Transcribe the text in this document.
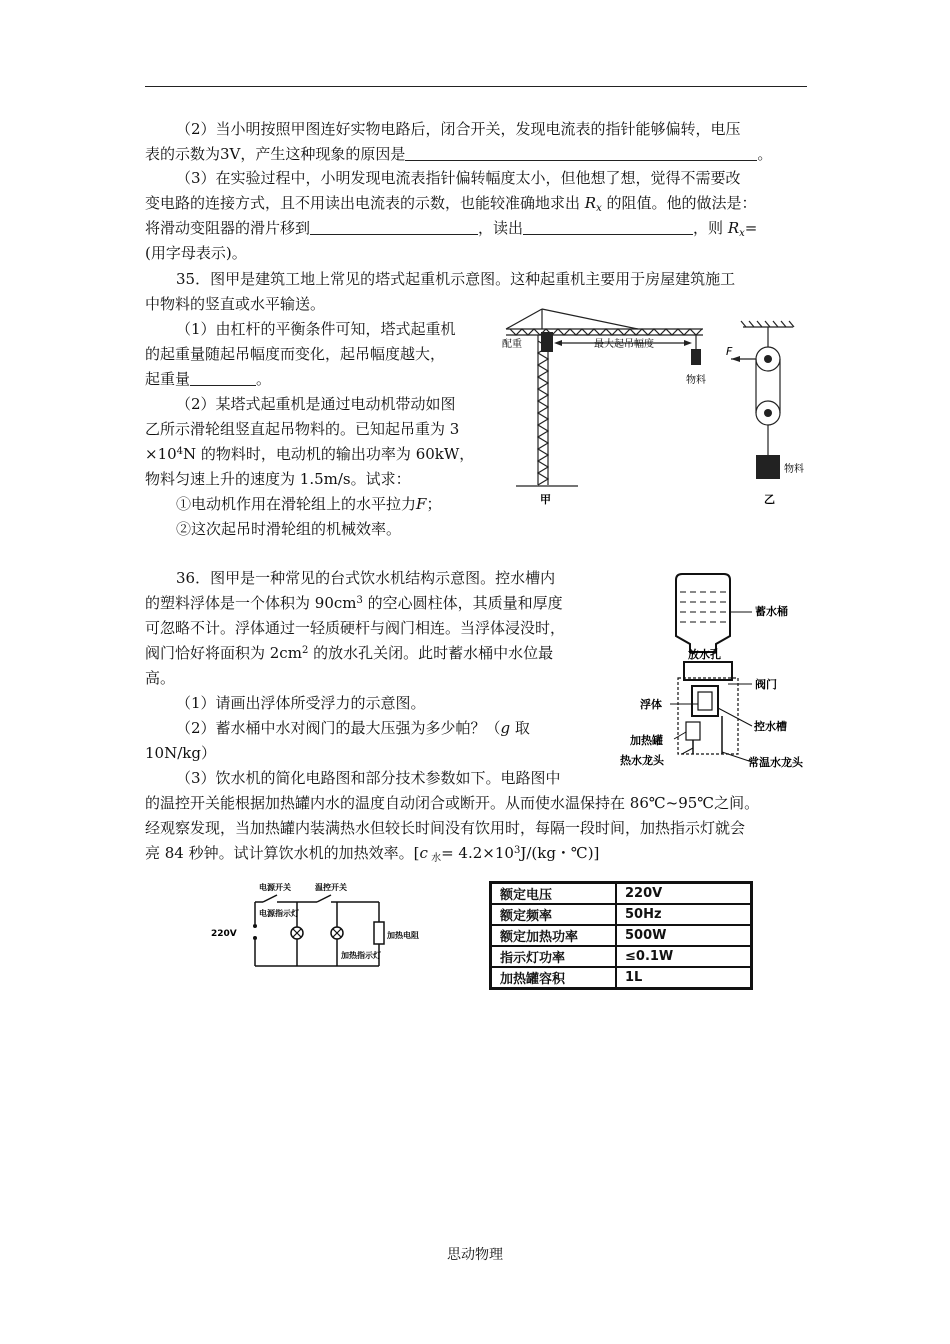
（2）当小明按照甲图连好实物电路后，闭合开关，发现电流表的指针能够偏转，电压
表的示数为3V，产生这种现象的原因是	。
（3）在实验过程中，小明发现电流表指针偏转幅度太小，但他想了想，觉得不需要改
变电路的连接方式，且不用读出电流表的示数，也能较准确地求出 $R_x$ 的阻值。他的做法是：
将滑动变阻器的滑片移到	，读出	，则 $R_x=$
(用字母表示)。
35．图甲是建筑工地上常见的塔式起重机示意图。这种起重机主要用于房屋建筑施工
中物料的竖直或水平输送。
（1）由杠杆的平衡条件可知，塔式起重机
的起重量随起吊幅度而变化，起吊幅度越大，
起重量	。
（2）某塔式起重机是通过电动机带动如图
乙所示滑轮组竖直起吊物料的。已知起吊重为 3
$\times 10^4N$ 的物料时，电动机的输出功率为 60kW，
物料匀速上升的速度为 1.5m/s。试求：
①电动机作用在滑轮组上的水平拉力F；
②这次起吊时滑轮组的机械效率。
配重	最大起吊幅度
物料
甲
F
物料
乙
36．图甲是一种常见的台式饮水机结构示意图。控水槽内
的塑料浮体是一个体积为 $90cm^3$ 的空心圆柱体，其质量和厚度
可忽略不计。浮体通过一轻质硬杆与阀门相连。当浮体浸没时，
阀门恰好将面积为 $2cm^2$ 的放水孔关闭。此时蓄水桶中水位最
高。
（1）请画出浮体所受浮力的示意图。
（2）蓄水桶中水对阀门的最大压强为多少帕？（g 取
10N/kg）
（3）饮水机的简化电路图和部分技术参数如下。电路图中
的温控开关能根据加热罐内水的温度自动闭合或断开。从而使水温保持在 86℃~95℃之间。
经观察发现，当加热罐内装满热水但较长时间没有饮用时，每隔一段时间，加热指示灯就会
亮 84 秒钟。试计算饮水机的加热效率。[c $_水= 4.2\times 10^3J/(kg$・℃)]
蓄水桶
放水孔
阀门
浮体
控水槽
加热罐
热水龙头	常温水龙头
220V
电源开关	温控开关
电源指示灯
加热指示灯
加热电阻
额定电压	220V
额定频率	50Hz
额定加热功率	500W
指示灯功率	≤0.1W
加热罐容积	1L
思动物理
